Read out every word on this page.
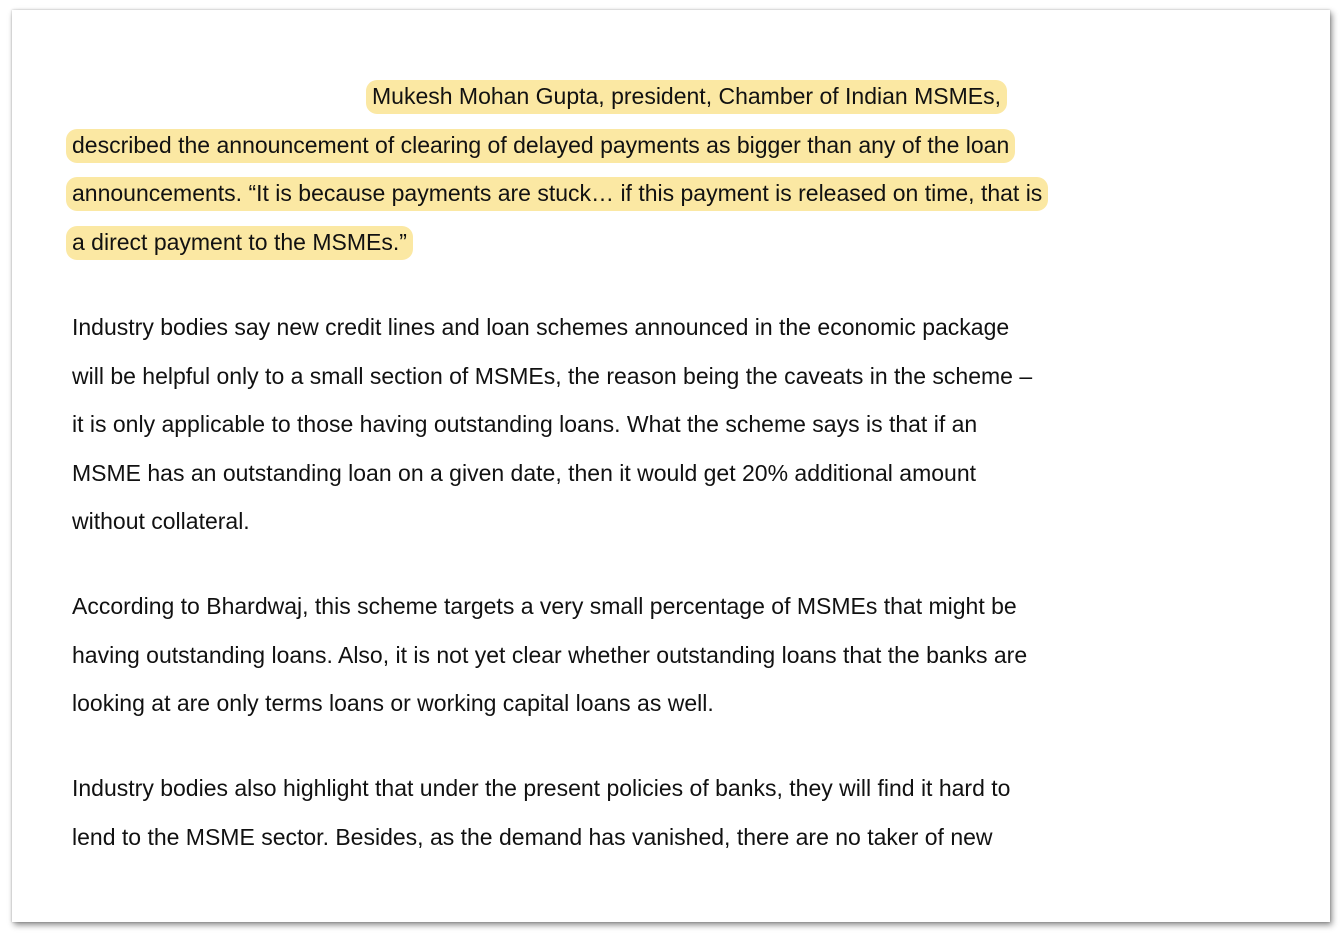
Mukesh Mohan Gupta, president, Chamber of Indian MSMEs,
described the announcement of clearing of delayed payments as bigger than any of the loan
announcements. “It is because payments are stuck… if this payment is released on time, that is
a direct payment to the MSMEs.”

Industry bodies say new credit lines and loan schemes announced in the economic package
will be helpful only to a small section of MSMEs, the reason being the caveats in the scheme –
it is only applicable to those having outstanding loans. What the scheme says is that if an
MSME has an outstanding loan on a given date, then it would get 20% additional amount
without collateral.

According to Bhardwaj, this scheme targets a very small percentage of MSMEs that might be
having outstanding loans. Also, it is not yet clear whether outstanding loans that the banks are
looking at are only terms loans or working capital loans as well.

Industry bodies also highlight that under the present policies of banks, they will find it hard to
lend to the MSME sector. Besides, as the demand has vanished, there are no taker of new
